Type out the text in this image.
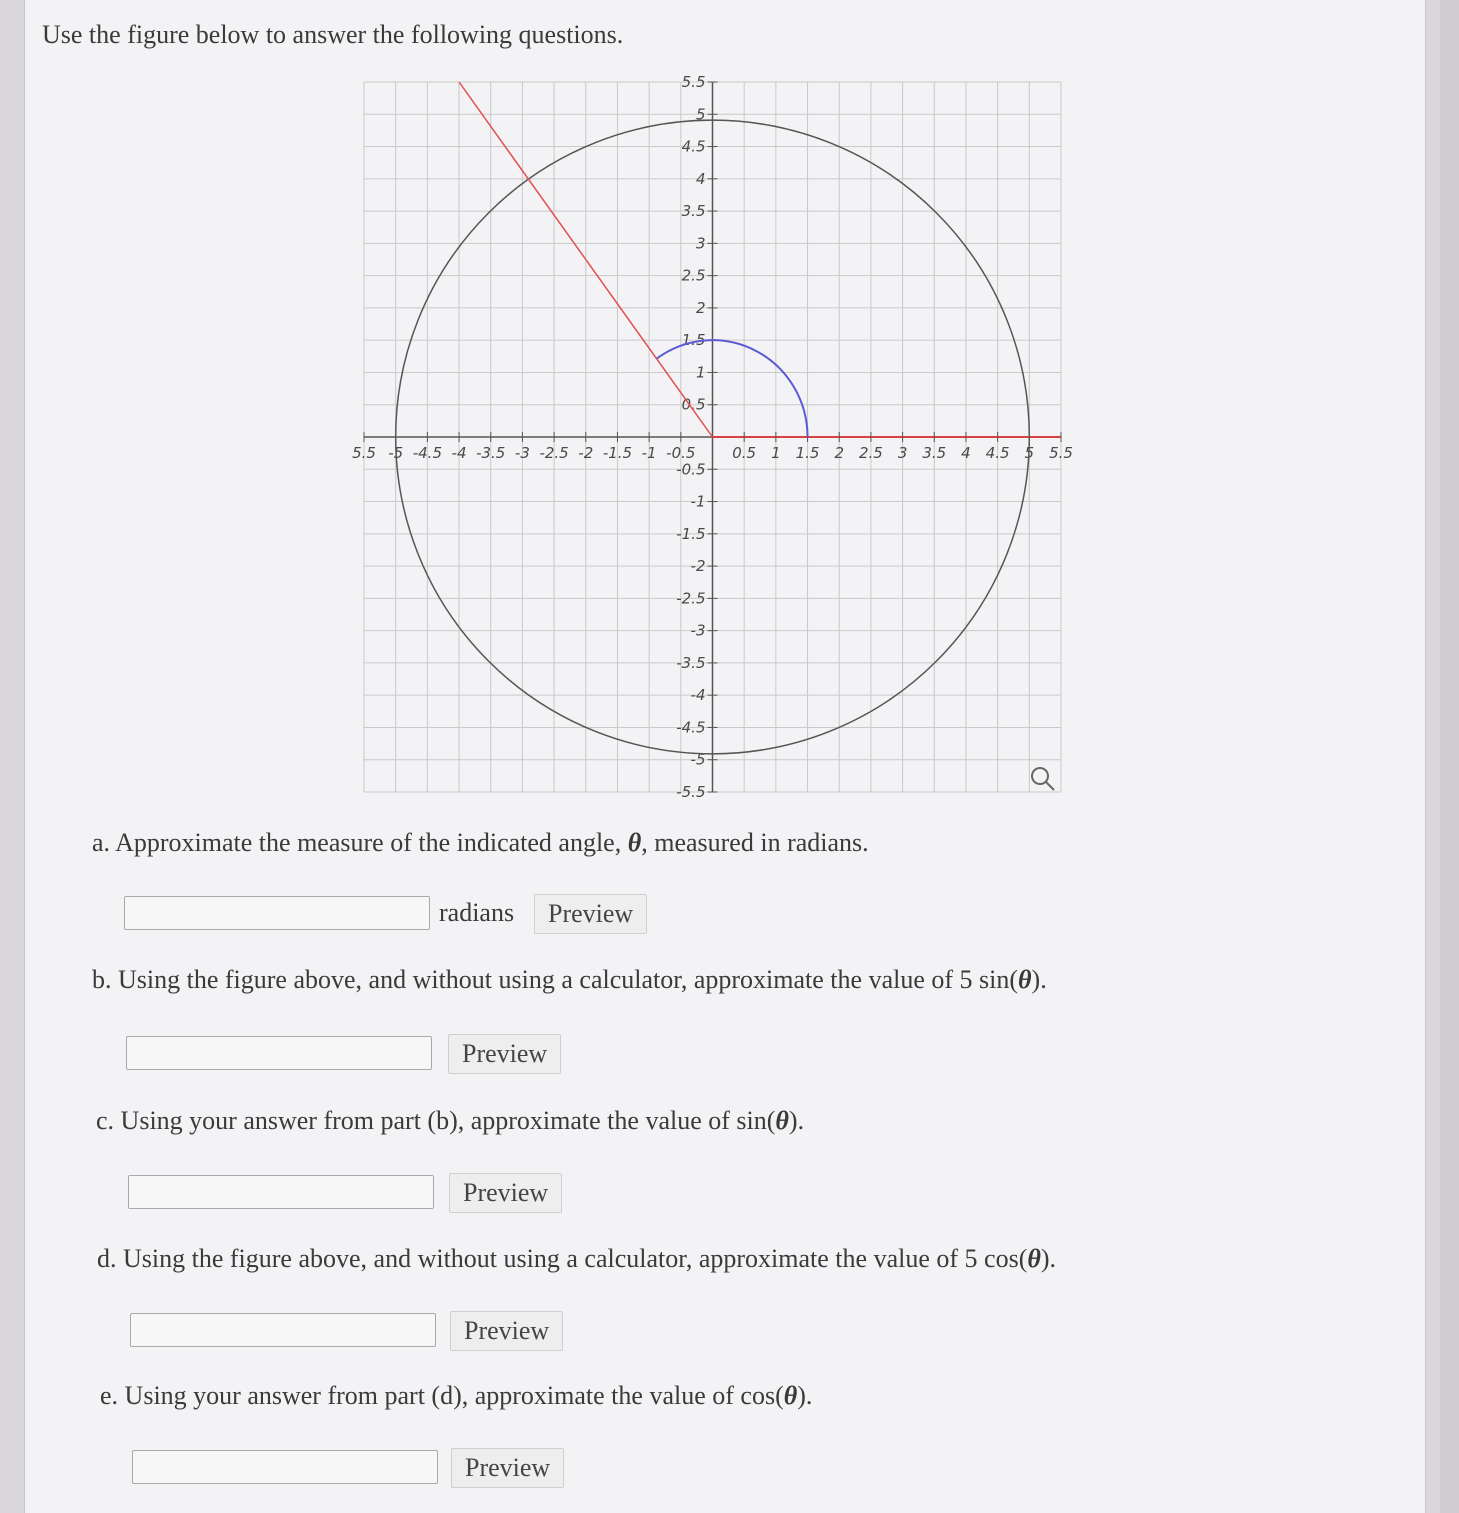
Use the figure below to answer the following questions.
5.5 -5 -4.5 -4 -3.5 -3 -2.5 -2 -1.5 -1 -0.5 0.5 1 1.5 2 2.5 3 3.5 4 4.5 5 5.5
5.5
5
4.5
4
3.5
3
2.5
2
1.5
1
0.5
-0.5
-1
-1.5
-2
-2.5
-3
-3.5
-4
-4.5
-5
-5.5
a. Approximate the measure of the indicated angle, θ, measured in radians.
radians	Preview
b. Using the figure above, and without using a calculator, approximate the value of 5 sin(θ).
Preview
c. Using your answer from part (b), approximate the value of sin(θ).
Preview
d. Using the figure above, and without using a calculator, approximate the value of 5 cos(θ).
Preview
e. Using your answer from part (d), approximate the value of cos(θ).
Preview
